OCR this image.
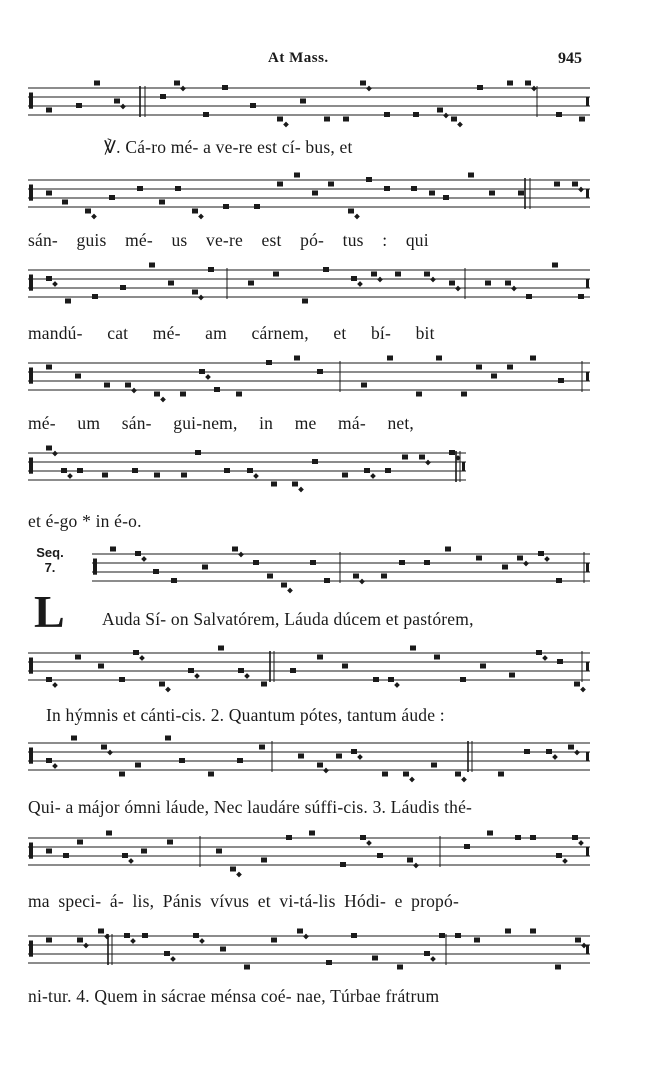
At Mass.	945
Seq.
7.
L
℣. Cá-ro mé- a ve-re est cí- bus, et
sán- guis mé- us ve-re est pó- tus : qui
mandú- cat mé- am cárnem, et bí- bit
mé- um sán- gui-nem, in me má- net,
et é-go * in é-o.
Auda Sí- on Salvatórem, Láuda dúcem et pastórem,
In hýmnis et cánti-cis. 2. Quantum pótes, tantum áude :
Qui- a májor ómni láude, Nec laudáre súffi-cis. 3. Láudis thé-
ma speci- á- lis, Pánis vívus et vi-tá-lis Hódi- e propó-
ni-tur. 4. Quem in sácrae ménsa coé- nae, Túrbae frátrum
